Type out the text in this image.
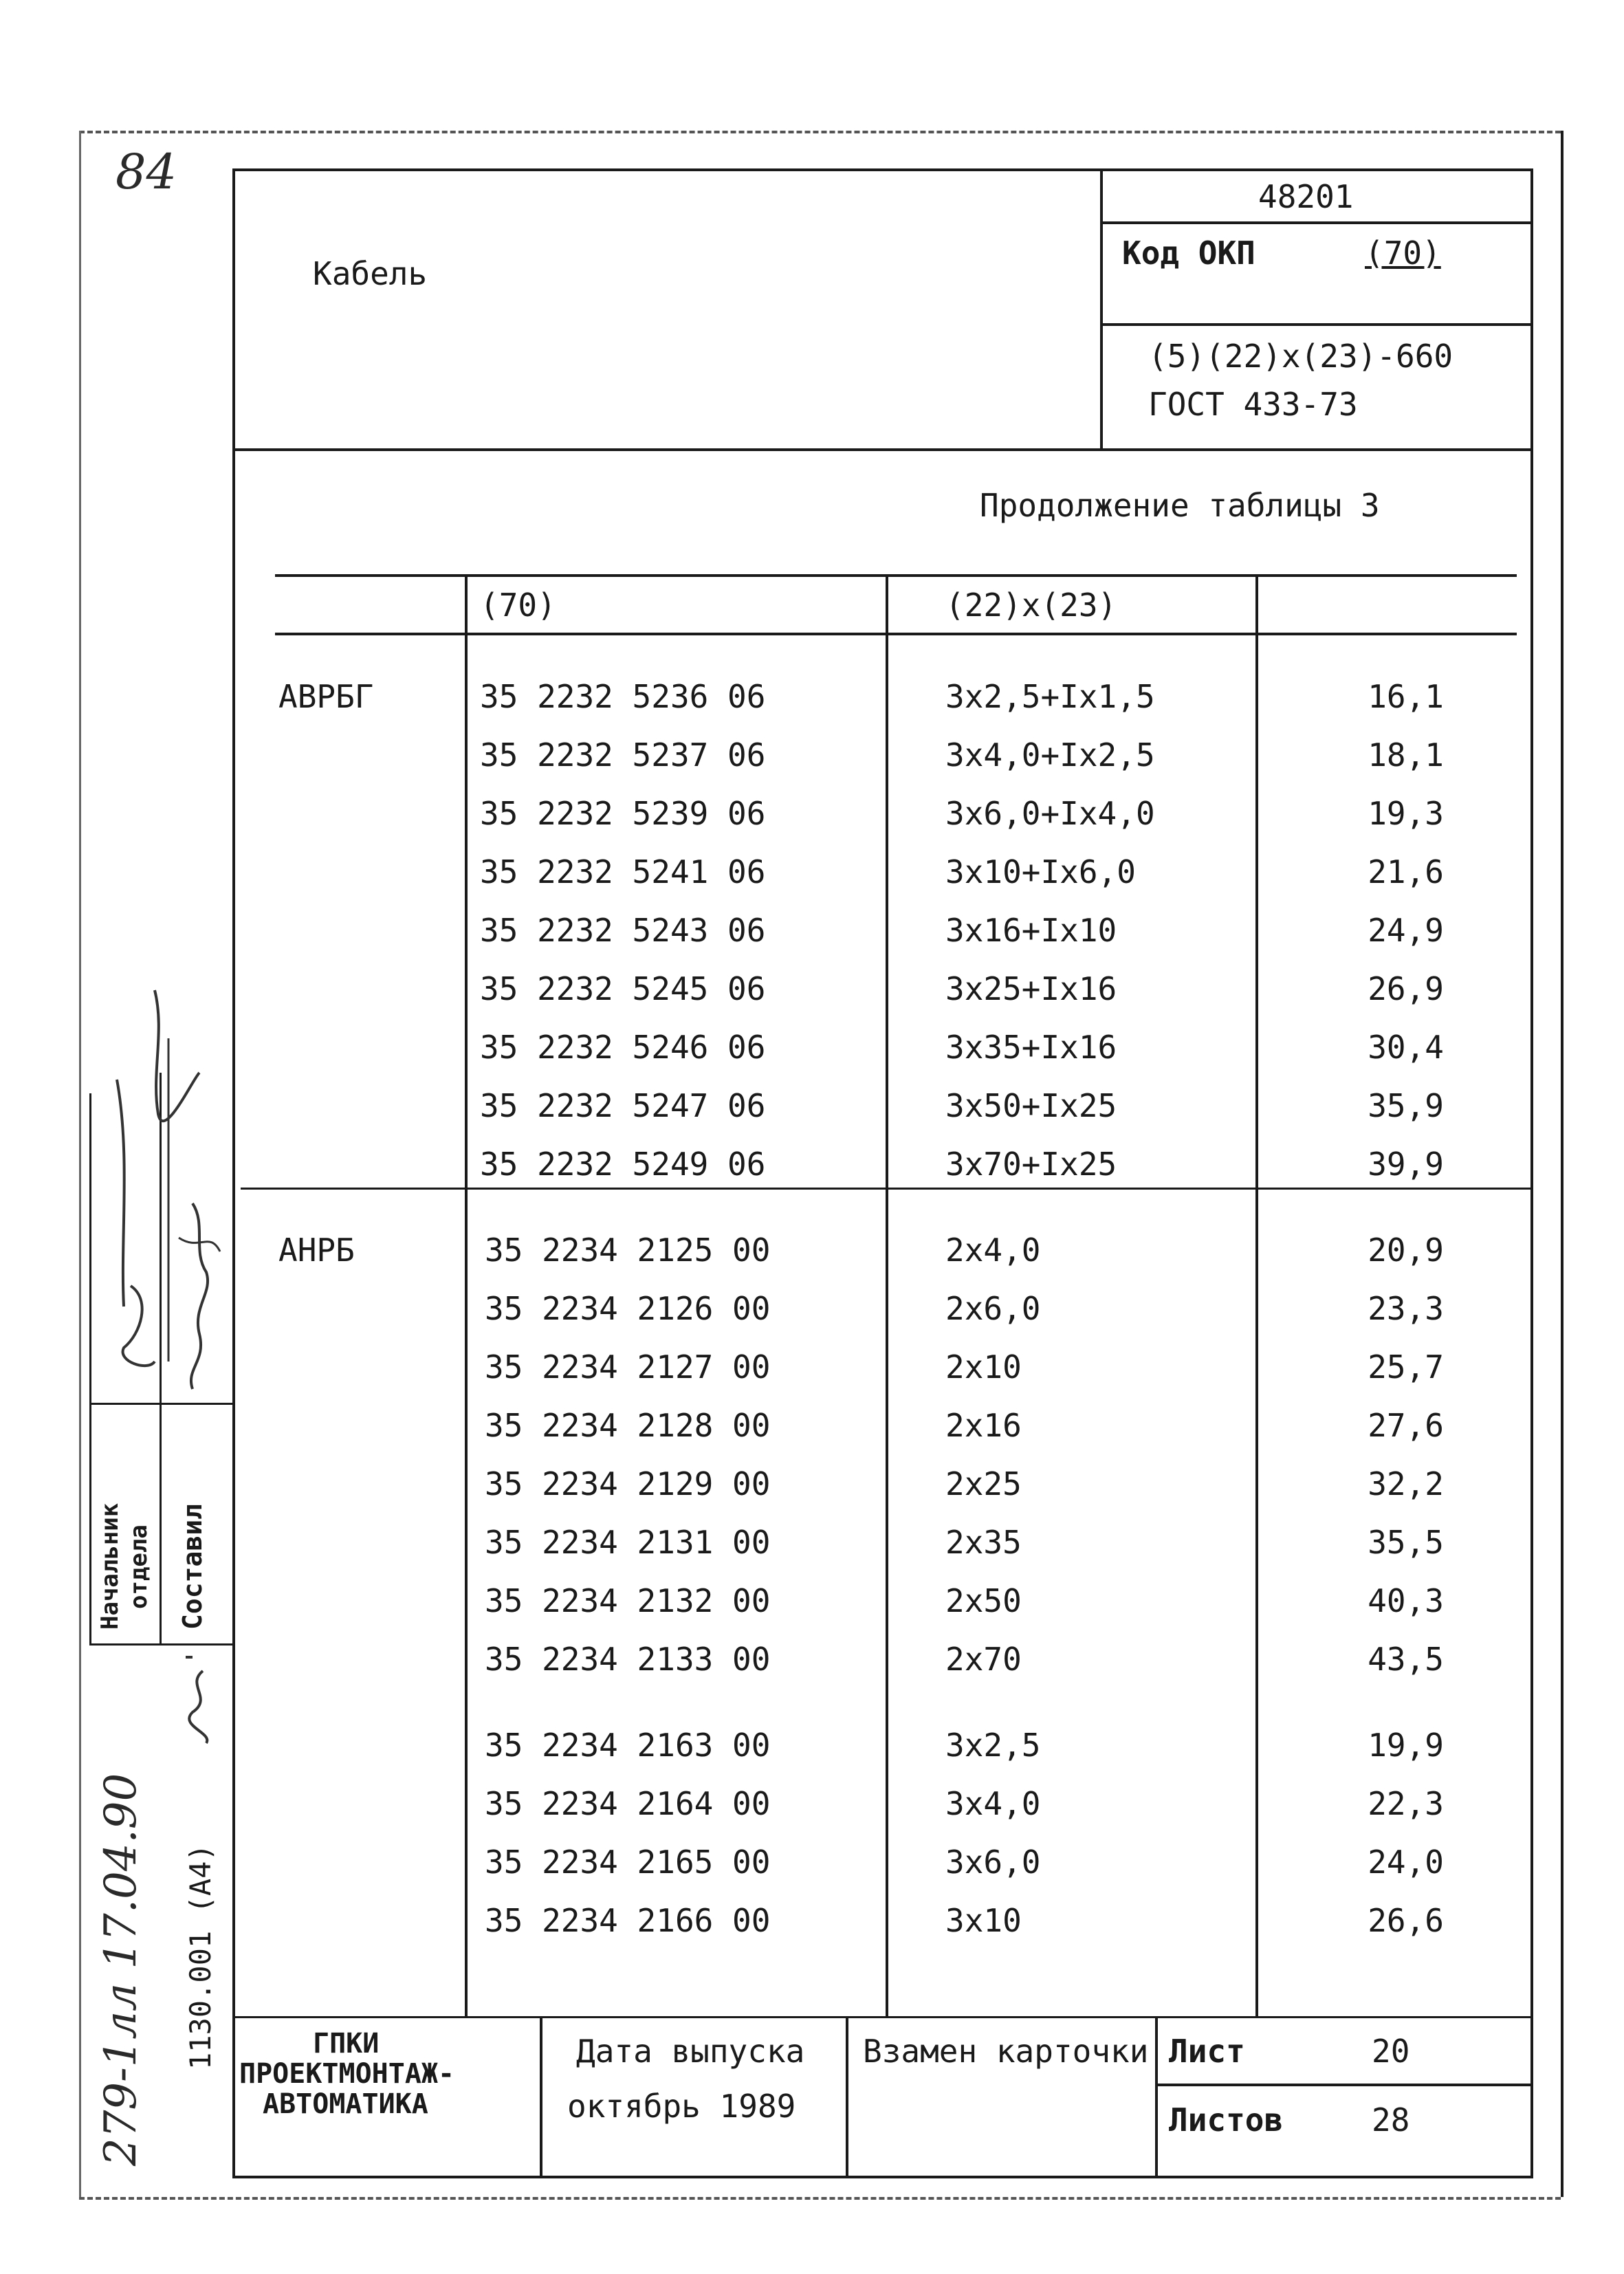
84
Кабель
48201
Код ОКП	(70)
(5)(22)x(23)-660
ГОСТ 433-73
Продолжение таблицы 3
(70)	(22)x(23)
АВРБГ	35 2232 5236 06	3x2,5+Ix1,5	16,1
35 2232 5237 06	3x4,0+Ix2,5	18,1
35 2232 5239 06	3x6,0+Ix4,0	19,3
35 2232 5241 06	3x10+Ix6,0	21,6
35 2232 5243 06	3x16+Ix10	24,9
35 2232 5245 06	3x25+Ix16	26,9
35 2232 5246 06	3x35+Ix16	30,4
35 2232 5247 06	3x50+Ix25	35,9
35 2232 5249 06	3x70+Ix25	39,9
АНРБ	35 2234 2125 00	2x4,0	20,9
35 2234 2126 00	2x6,0	23,3
35 2234 2127 00	2x10	25,7
35 2234 2128 00	2x16	27,6
35 2234 2129 00	2x25	32,2
35 2234 2131 00	2x35	35,5
35 2234 2132 00	2x50	40,3
35 2234 2133 00	2x70	43,5
35 2234 2163 00	3x2,5	19,9
35 2234 2164 00	3x4,0	22,3
35 2234 2165 00	3x6,0	24,0
35 2234 2166 00	3x10	26,6
ГПКИ
ПРОЕКТМОНТАЖ-
АВТОМАТИКА
Дата выпуска
октябрь 1989
Взамен карточки Лист	20
Листов	28
Начальник отдела Составил
1130.001 (А4)
279-1лл 17.04.90
